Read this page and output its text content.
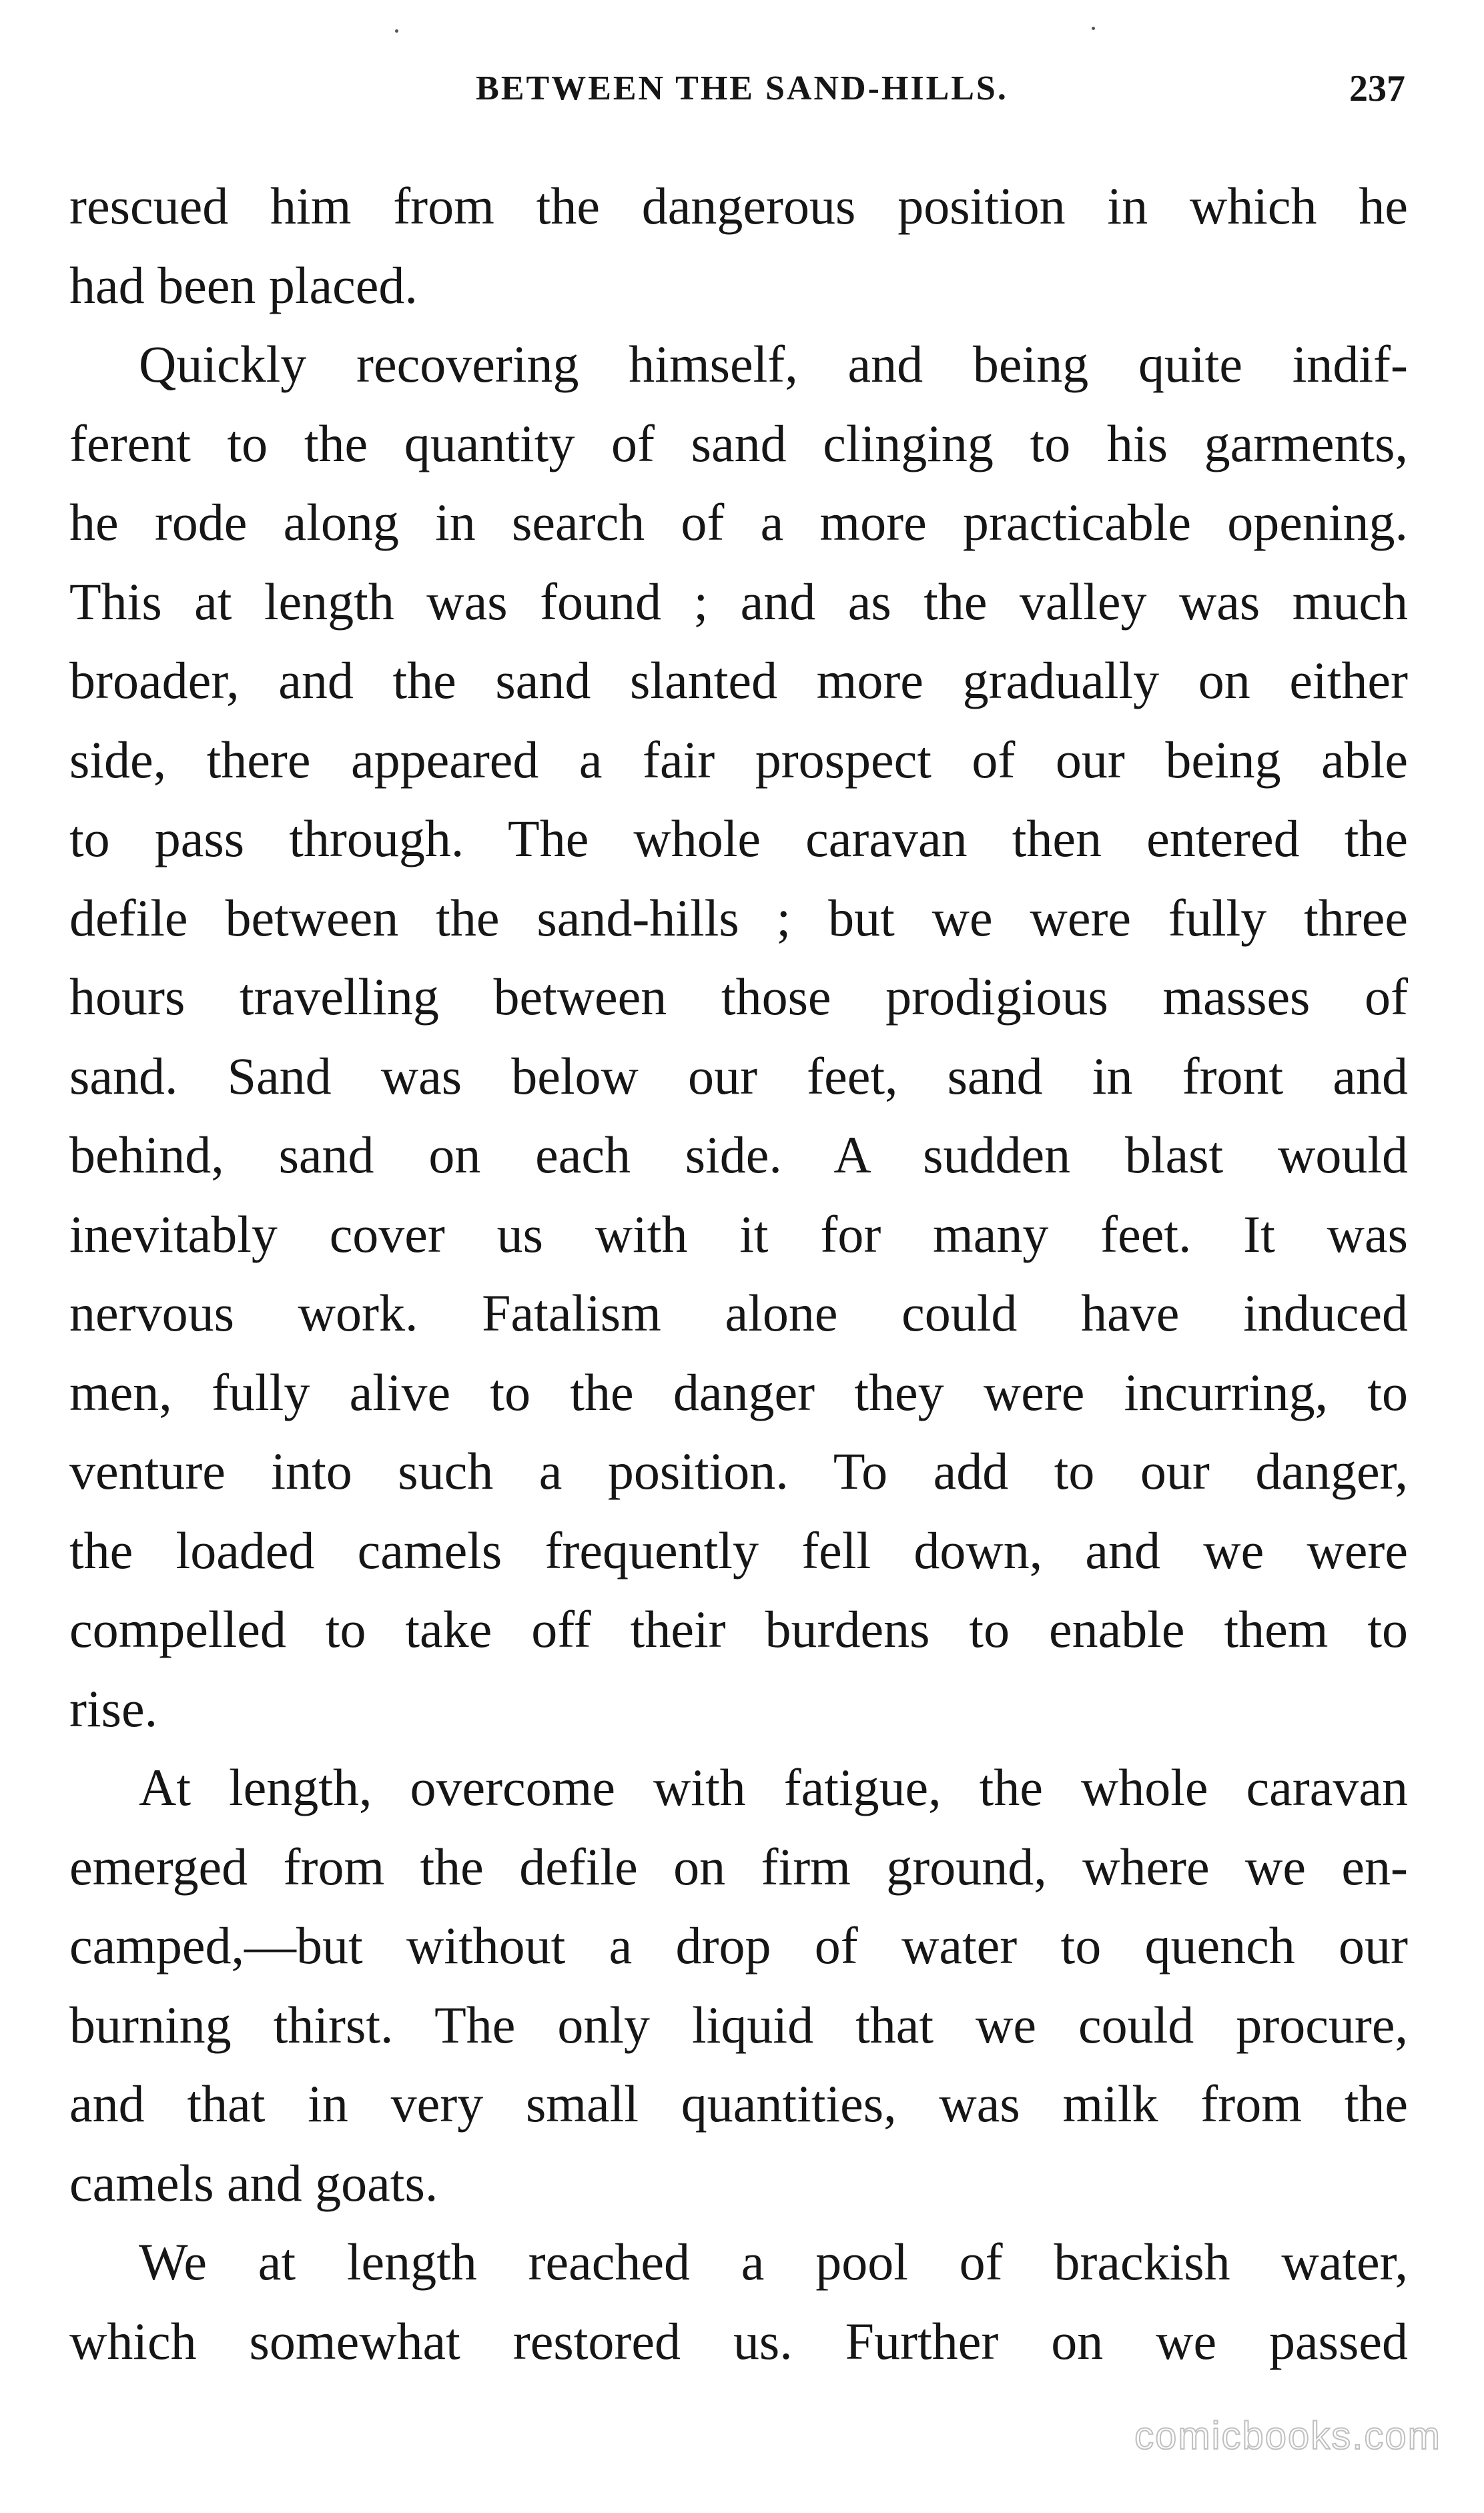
BETWEEN THE SAND-HILLS.	237
rescued him from the dangerous position in which he
had been placed.
Quickly recovering himself, and being quite indif-
ferent to the quantity of sand clinging to his garments,
he rode along in search of a more practicable opening.
This at length was found ; and as the valley was much
broader, and the sand slanted more gradually on either
side, there appeared a fair prospect of our being able
to pass through. The whole caravan then entered the
defile between the sand-hills ; but we were fully three
hours travelling between those prodigious masses of
sand. Sand was below our feet, sand in front and
behind, sand on each side. A sudden blast would
inevitably cover us with it for many feet. It was
nervous work. Fatalism alone could have induced
men, fully alive to the danger they were incurring, to
venture into such a position. To add to our danger,
the loaded camels frequently fell down, and we were
compelled to take off their burdens to enable them to
rise.
At length, overcome with fatigue, the whole caravan
emerged from the defile on firm ground, where we en-
camped,—but without a drop of water to quench our
burning thirst. The only liquid that we could procure,
and that in very small quantities, was milk from the
camels and goats.
We at length reached a pool of brackish water,
which somewhat restored us. Further on we passed
comicbooks.com
